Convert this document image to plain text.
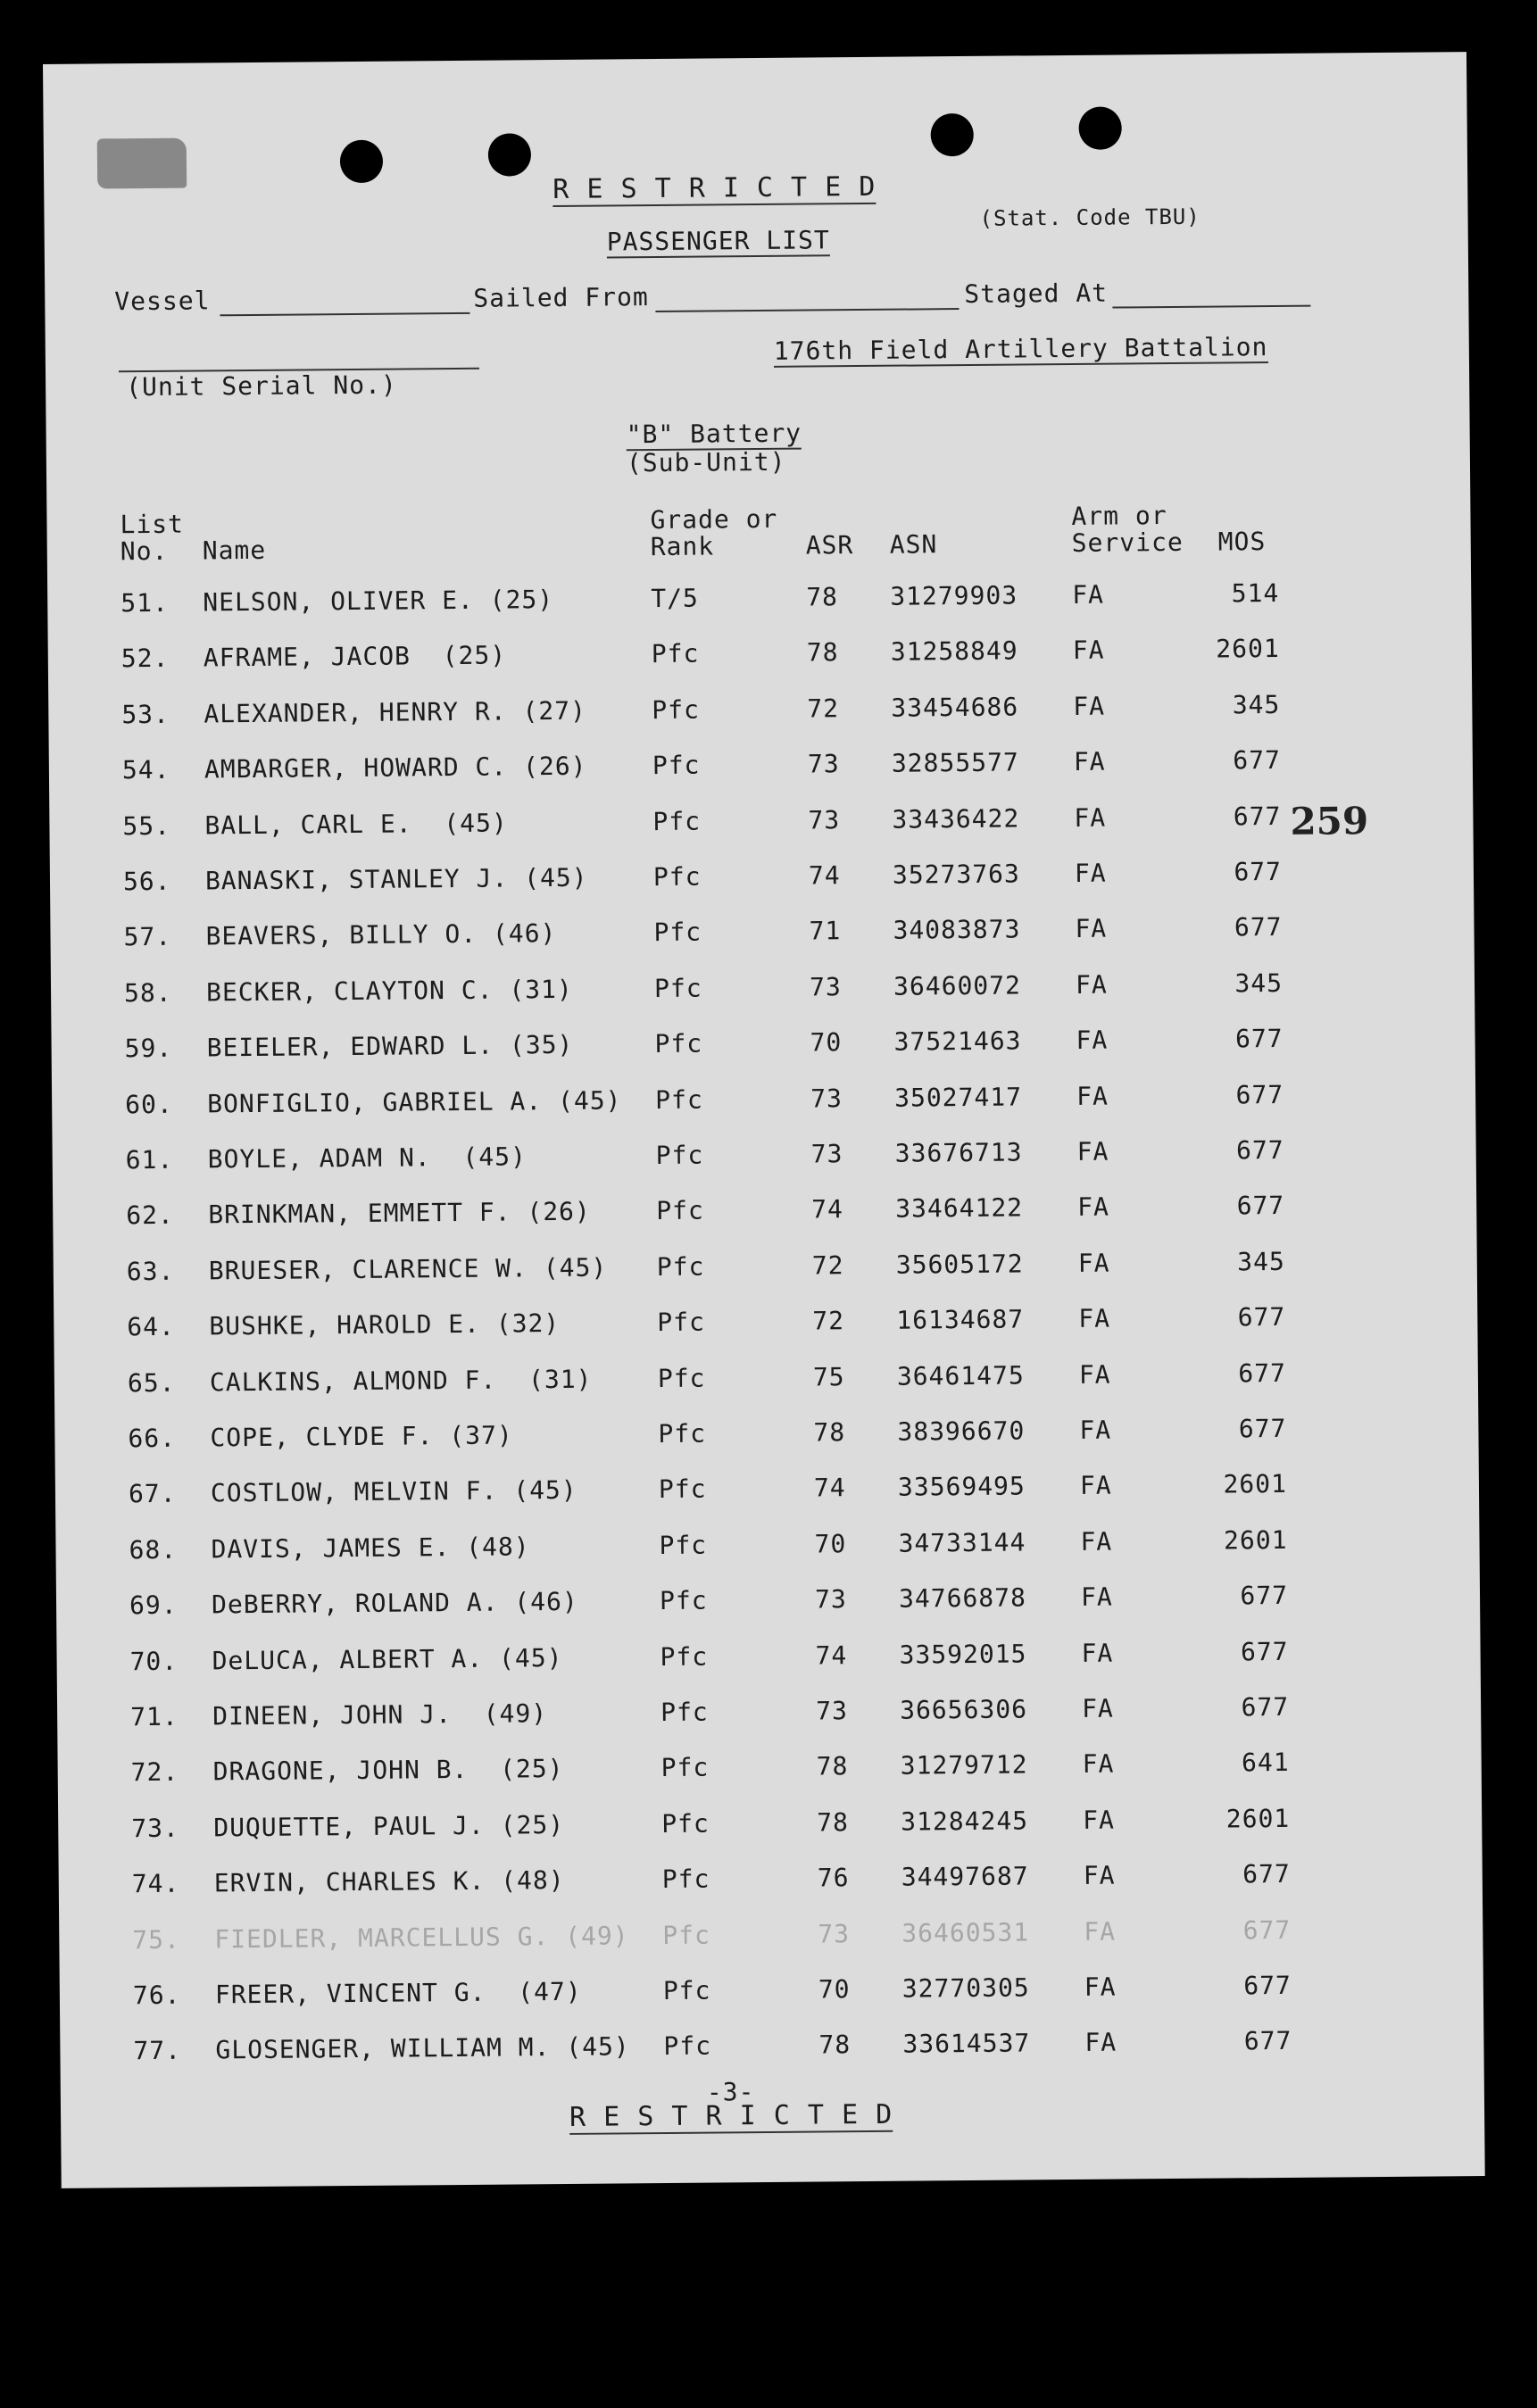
R E S T R I C T E D
PASSENGER LIST
(Stat. Code TBU)
Vessel	Sailed From	Staged At
176th Field Artillery Battalion
(Unit Serial No.)
"B" Battery
(Sub-Unit)
List
No. Name
Grade or
Rank	ASR ASN
Arm or
Service MOS
51. NELSON, OLIVER E. (25)	T/5	78 31279903 FA	514
52. AFRAME, JACOB  (25)	Pfc	78 31258849 FA	2601
53. ALEXANDER, HENRY R. (27)	Pfc	72 33454686 FA	345
54. AMBARGER, HOWARD C. (26)	Pfc	73 32855577 FA	677
55. BALL, CARL E.  (45)	Pfc	73 33436422 FA	677
56. BANASKI, STANLEY J. (45)	Pfc	74 35273763 FA	677
57. BEAVERS, BILLY O. (46)	Pfc	71 34083873 FA	677
58. BECKER, CLAYTON C. (31)	Pfc	73 36460072 FA	345
59. BEIELER, EDWARD L. (35)	Pfc	70 37521463 FA	677
60. BONFIGLIO, GABRIEL A. (45) Pfc	73 35027417 FA	677
61. BOYLE, ADAM N.  (45)	Pfc	73 33676713 FA	677
62. BRINKMAN, EMMETT F. (26)	Pfc	74 33464122 FA	677
63. BRUESER, CLARENCE W. (45) Pfc	72 35605172 FA	345
64. BUSHKE, HAROLD E. (32)	Pfc	72 16134687 FA	677
65. CALKINS, ALMOND F.  (31)	Pfc	75 36461475 FA	677
66. COPE, CLYDE F. (37)	Pfc	78 38396670 FA	677
67. COSTLOW, MELVIN F. (45)	Pfc	74 33569495 FA	2601
68. DAVIS, JAMES E. (48)	Pfc	70 34733144 FA	2601
69. DeBERRY, ROLAND A. (46)	Pfc	73 34766878 FA	677
70. DeLUCA, ALBERT A. (45)	Pfc	74 33592015 FA	677
71. DINEEN, JOHN J.  (49)	Pfc	73 36656306 FA	677
72. DRAGONE, JOHN B.  (25)	Pfc	78 31279712 FA	641
73. DUQUETTE, PAUL J. (25)	Pfc	78 31284245 FA	2601
74. ERVIN, CHARLES K. (48)	Pfc	76 34497687 FA	677
75. FIEDLER, MARCELLUS G. (49) Pfc	73 36460531 FA	677
76. FREER, VINCENT G.  (47)	Pfc	70 32770305 FA	677
77. GLOSENGER, WILLIAM M. (45) Pfc	78 33614537 FA	677
259
-3-
R E S T R I C T E D
